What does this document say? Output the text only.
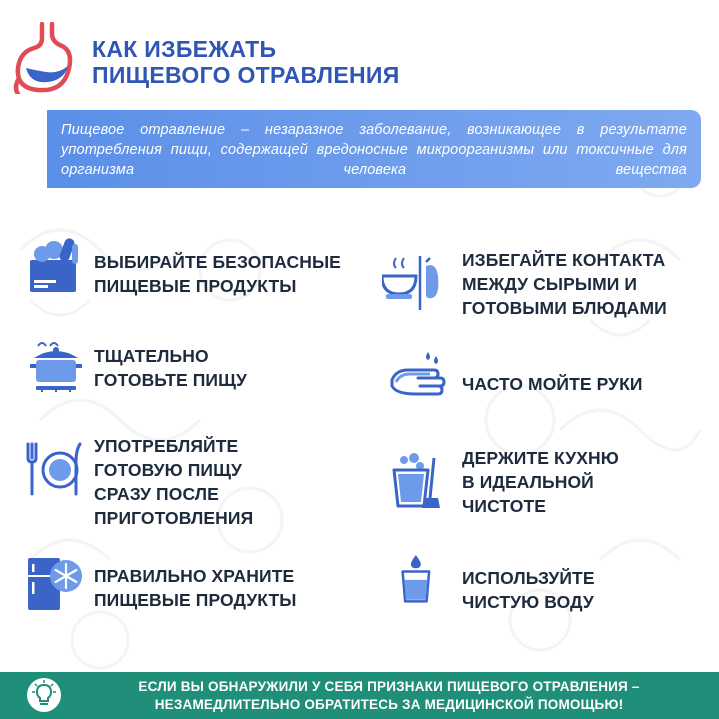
КАК ИЗБЕЖАТЬ
ПИЩЕВОГО ОТРАВЛЕНИЯ

Пищевое отравление – незаразное заболевание, возникающее в результате употребления пищи, содержащей вредоносные микроорганизмы или токсичные для организма человека вещества

ВЫБИРАЙТЕ БЕЗОПАСНЫЕ
ПИЩЕВЫЕ ПРОДУКТЫ
ИЗБЕГАЙТЕ КОНТАКТА
МЕЖДУ СЫРЫМИ И
ГОТОВЫМИ БЛЮДАМИ
ТЩАТЕЛЬНО
ГОТОВЬТЕ ПИЩУ	ЧАСТО МОЙТЕ РУКИ
УПОТРЕБЛЯЙТЕ
ГОТОВУЮ ПИЩУ
СРАЗУ ПОСЛЕ
ПРИГОТОВЛЕНИЯ
ДЕРЖИТЕ КУХНЮ
В ИДЕАЛЬНОЙ
ЧИСТОТЕ
ПРАВИЛЬНО ХРАНИТЕ
ПИЩЕВЫЕ ПРОДУКТЫ
ИСПОЛЬЗУЙТЕ
ЧИСТУЮ ВОДУ
ЕСЛИ ВЫ ОБНАРУЖИЛИ У СЕБЯ ПРИЗНАКИ ПИЩЕВОГО ОТРАВЛЕНИЯ –
НЕЗАМЕДЛИТЕЛЬНО ОБРАТИТЕСЬ ЗА МЕДИЦИНСКОЙ ПОМОЩЬЮ!
